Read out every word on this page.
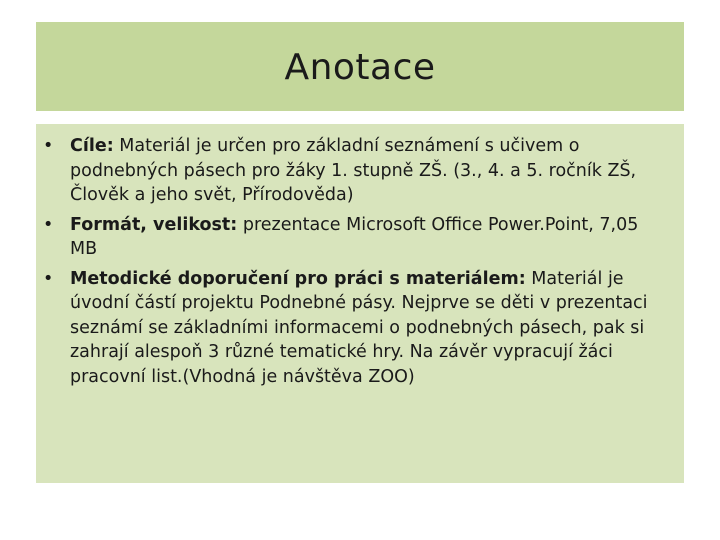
Anotace
• Cíle: Materiál je určen pro základní seznámení s učivem o podnebných pásech pro žáky 1. stupně ZŠ. (3., 4. a 5. ročník ZŠ, Člověk a jeho svět, Přírodověda)
• Formát, velikost: prezentace Microsoft Office Power.Point, 7,05 MB
• Metodické doporučení pro práci s materiálem: Materiál je úvodní částí projektu Podnebné pásy. Nejprve se děti v prezentaci seznámí se základními informacemi o podnebných pásech, pak si zahrají alespoň 3 různé tematické hry. Na závěr vypracují žáci pracovní list.(Vhodná je návštěva ZOO)
